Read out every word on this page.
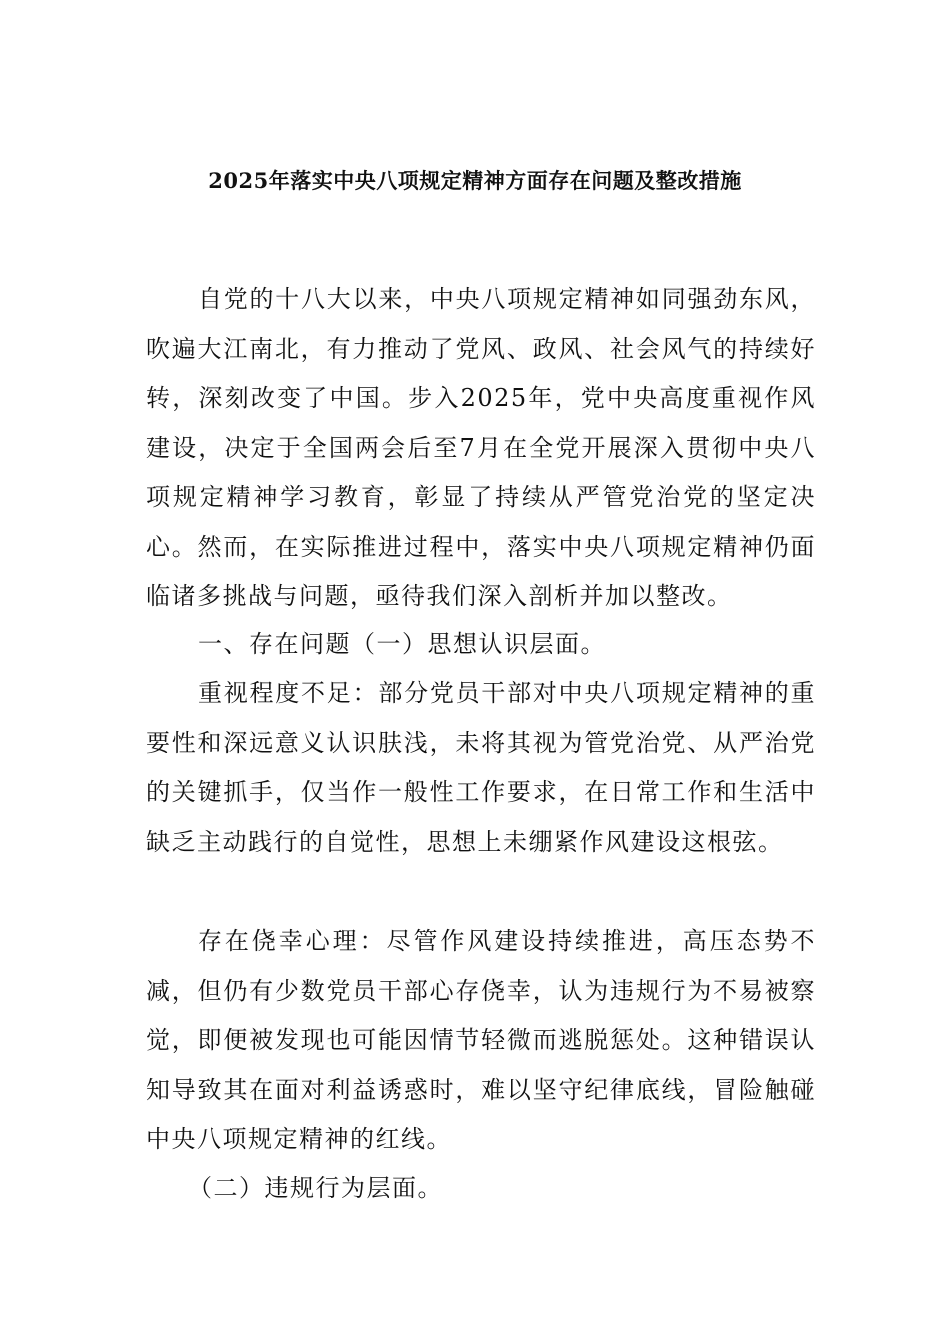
2025年落实中央八项规定精神方面存在问题及整改措施

自党的十八大以来，中央八项规定精神如同强劲东风，吹遍大江南北，有力推动了党风、政风、社会风气的持续好转，深刻改变了中国。步入2025年，党中央高度重视作风建设，决定于全国两会后至7月在全党开展深入贯彻中央八项规定精神学习教育，彰显了持续从严管党治党的坚定决心。然而，在实际推进过程中，落实中央八项规定精神仍面临诸多挑战与问题，亟待我们深入剖析并加以整改。

一、存在问题（一）思想认识层面。

重视程度不足：部分党员干部对中央八项规定精神的重要性和深远意义认识肤浅，未将其视为管党治党、从严治党的关键抓手，仅当作一般性工作要求，在日常工作和生活中缺乏主动践行的自觉性，思想上未绷紧作风建设这根弦。

存在侥幸心理：尽管作风建设持续推进，高压态势不减，但仍有少数党员干部心存侥幸，认为违规行为不易被察觉，即便被发现也可能因情节轻微而逃脱惩处。这种错误认知导致其在面对利益诱惑时，难以坚守纪律底线，冒险触碰中央八项规定精神的红线。

（二）违规行为层面。
